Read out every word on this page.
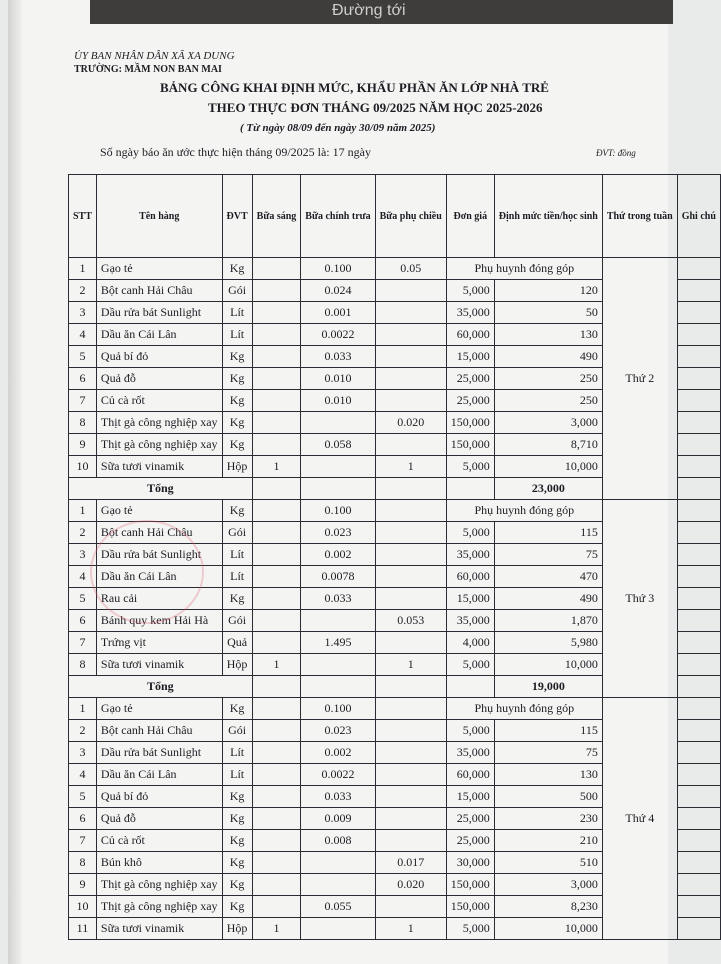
ỦY BAN NHÂN DÂN XÃ XA DUNG
TRƯỜNG: MẦM NON BAN MAI
BẢNG CÔNG KHAI ĐỊNH MỨC, KHẨU PHẦN ĂN LỚP NHÀ TRẺ
THEO THỰC ĐƠN THÁNG 09/2025 NĂM HỌC 2025-2026
( Từ ngày 08/09 đến ngày 30/09 năm 2025)
Số ngày báo ăn ước thực hiện tháng 09/2025 là: 17 ngày	ĐVT: đồng
STT	Tên hàng	ĐVT	Bữa sáng	Bữa chính trưa	Bữa phụ chiều	Đơn giá	Định mức tiền/học sinh	Thứ trong tuần	Ghi chú
1	Gạo tẻ	Kg		0.100	0.05	Phụ huynh đóng góp		Thứ 2	
2	Bột canh Hải Châu	Gói		0.024		5,000	120		
3	Dầu rửa bát Sunlight	Lít		0.001		35,000	50		
4	Dầu ăn Cái Lân	Lít		0.0022		60,000	130		
5	Quả bí đỏ	Kg		0.033		15,000	490		
6	Quả đỗ	Kg		0.010		25,000	250		
7	Củ cà rốt	Kg		0.010		25,000	250		
8	Thịt gà công nghiệp xay	Kg			0.020	150,000	3,000		
9	Thịt gà công nghiệp xay	Kg		0.058		150,000	8,710		
10	Sữa tươi vinamik	Hộp	1		1	5,000	10,000		
Tổng							23,000		
1	Gạo tẻ	Kg		0.100		Phụ huynh đóng góp		Thứ 3	
2	Bột canh Hải Châu	Gói		0.023		5,000	115		
3	Dầu rửa bát Sunlight	Lít		0.002		35,000	75		
4	Dầu ăn Cái Lân	Lít		0.0078		60,000	470		
5	Rau cải	Kg		0.033		15,000	490		
6	Bánh quy kem Hải Hà	Gói			0.053	35,000	1,870		
7	Trứng vịt	Quả		1.495		4,000	5,980		
8	Sữa tươi vinamik	Hộp	1		1	5,000	10,000		
Tổng							19,000		
1	Gạo tẻ	Kg		0.100		Phụ huynh đóng góp		Thứ 4	
2	Bột canh Hải Châu	Gói		0.023		5,000	115		
3	Dầu rửa bát Sunlight	Lít		0.002		35,000	75		
4	Dầu ăn Cái Lân	Lít		0.0022		60,000	130		
5	Quả bí đỏ	Kg		0.033		15,000	500		
6	Quả đỗ	Kg		0.009		25,000	230		
7	Củ cà rốt	Kg		0.008		25,000	210		
8	Bún khô	Kg			0.017	30,000	510		
9	Thịt gà công nghiệp xay	Kg			0.020	150,000	3,000		
10	Thịt gà công nghiệp xay	Kg		0.055		150,000	8,230		
11	Sữa tươi vinamik	Hộp	1		1	5,000	10,000		
Đường tới
